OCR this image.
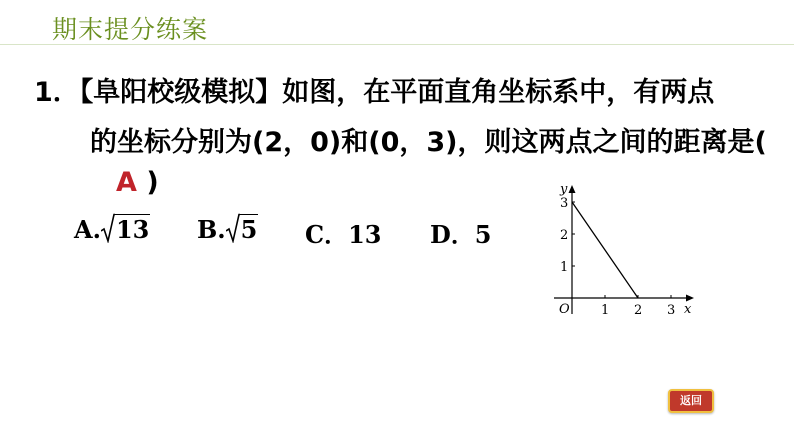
期末提分练案
1．【阜阳校级模拟】如图，在平面直角坐标系中，有两点
的坐标分别为(2，0)和(0，3)，则这两点之间的距离是(
A )
A. 13 B. 5 C．13 D．5
y
x
O 1 2 3
1
2
3
返回
